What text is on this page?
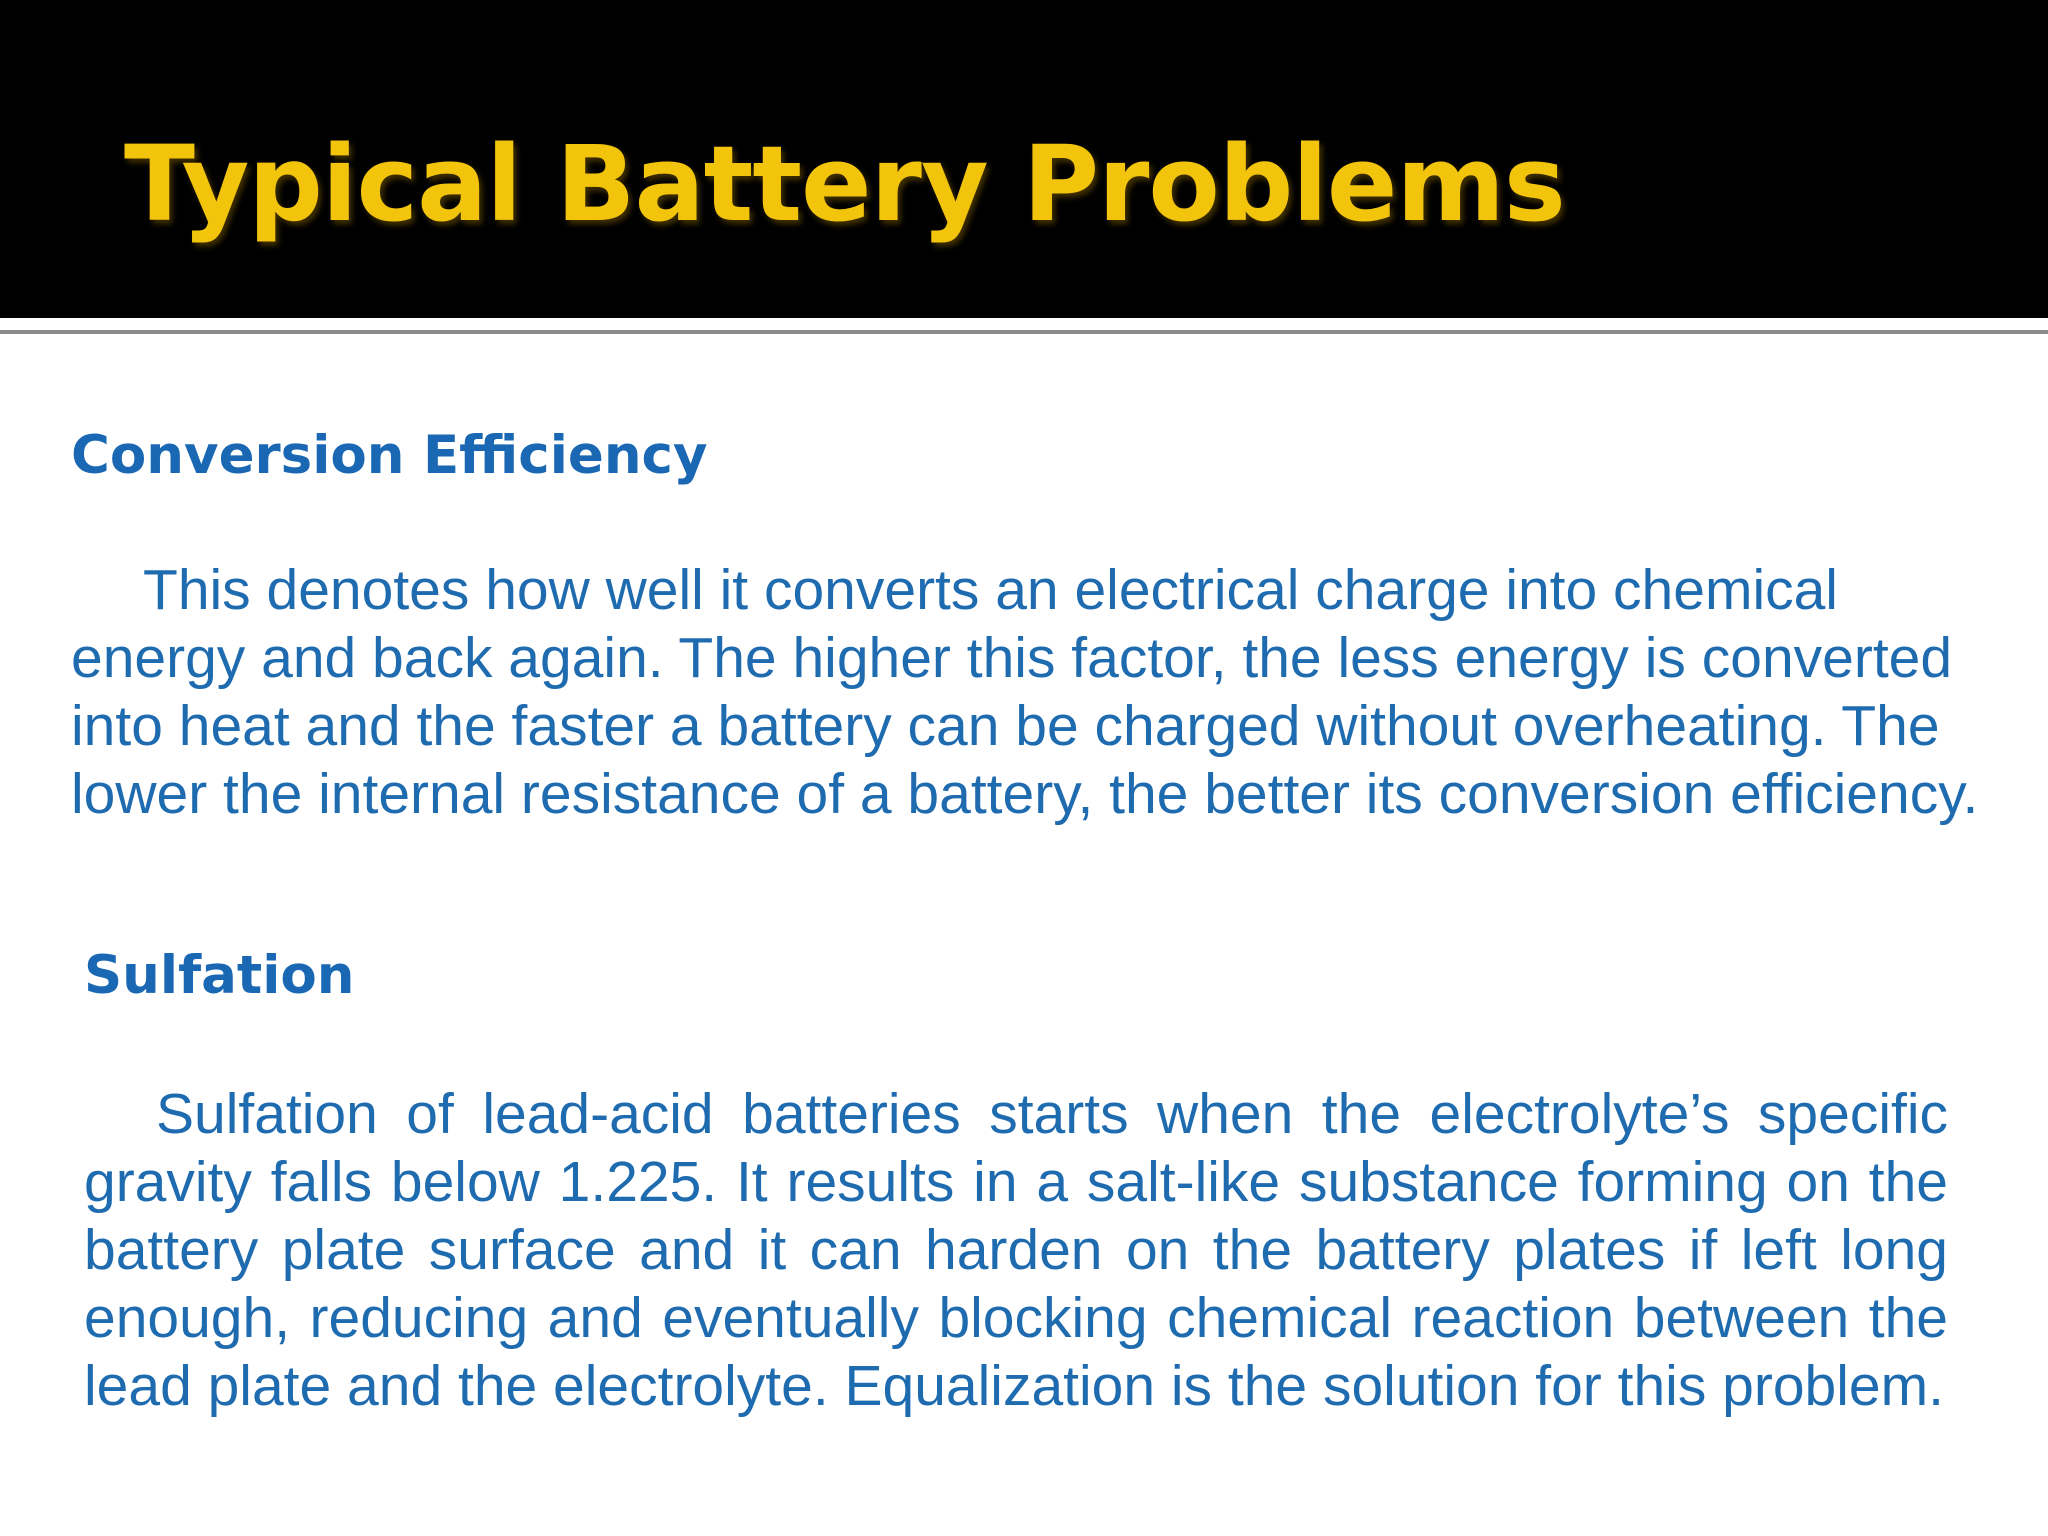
Typical Battery Problems
Conversion Efficiency

This denotes how well it converts an electrical charge into chemical energy and back again. The higher this factor, the less energy is converted into heat and the faster a battery can be charged without overheating. The lower the internal resistance of a battery, the better its conversion efficiency.

Sulfation

Sulfation of lead-acid batteries starts when the electrolyte’s specific gravity falls below 1.225. It results in a salt-like substance forming on the battery plate surface and it can harden on the battery plates if left long enough, reducing and eventually blocking chemical reaction between the lead plate and the electrolyte. Equalization is the solution for this problem.
